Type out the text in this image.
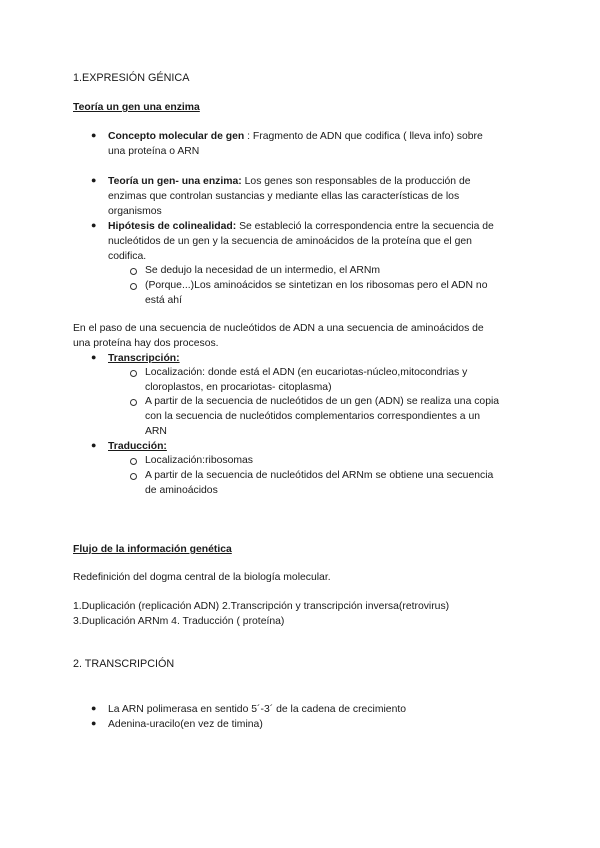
1.EXPRESIÓN GÉNICA
Teoría un gen una enzima
● Concepto molecular de gen : Fragmento de ADN que codifica ( lleva info) sobre
una proteína o ARN
● Teoría un gen- una enzima: Los genes son responsables de la producción de
enzimas que controlan sustancias y mediante ellas las características de los
organismos
● Hipótesis de colinealidad: Se estableció la correspondencia entre la secuencia de
nucleótidos de un gen y la secuencia de aminoácidos de la proteína que el gen
codifica.
Se dedujo la necesidad de un intermedio, el ARNm
(Porque...)Los aminoácidos se sintetizan en los ribosomas pero el ADN no
está ahí
En el paso de una secuencia de nucleótidos de ADN a una secuencia de aminoácidos de
una proteína hay dos procesos.
● Transcripción:
Localización: donde está el ADN (en eucariotas-núcleo,mitocondrias y
cloroplastos, en procariotas- citoplasma)
A partir de la secuencia de nucleótidos de un gen (ADN) se realiza una copia
con la secuencia de nucleótidos complementarios correspondientes a un
ARN
● Traducción:
Localización:ribosomas
A partir de la secuencia de nucleótidos del ARNm se obtiene una secuencia
de aminoácidos
Flujo de la información genética
Redefinición del dogma central de la biología molecular.
1.Duplicación (replicación ADN) 2.Transcripción y transcripción inversa(retrovirus)
3.Duplicación ARNm 4. Traducción ( proteína)
2. TRANSCRIPCIÓN
● La ARN polimerasa en sentido 5´-3´ de la cadena de crecimiento
● Adenina-uracilo(en vez de timina)
